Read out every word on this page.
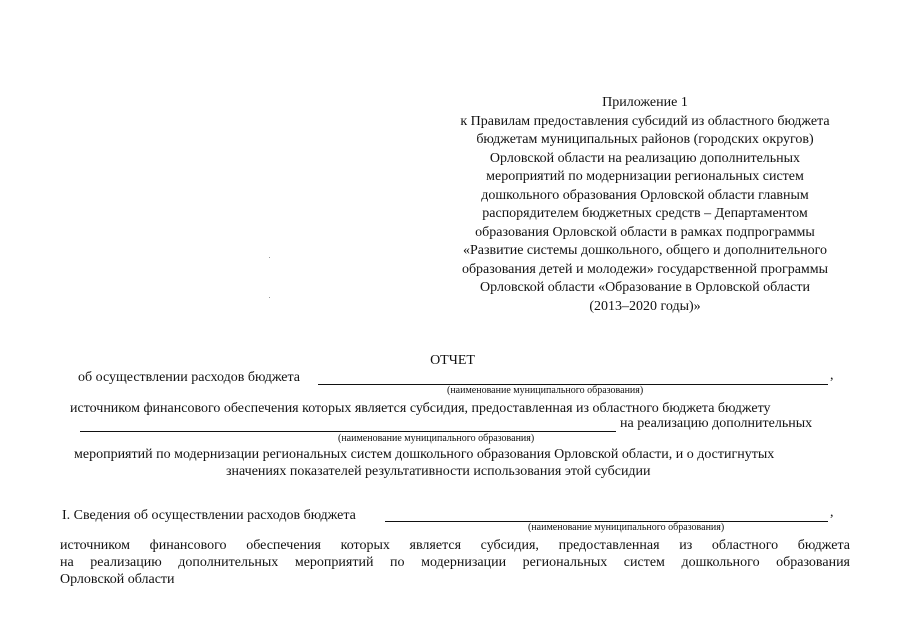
Приложение 1
к Правилам предоставления субсидий из областного бюджета
бюджетам муниципальных районов (городских округов)
Орловской области на реализацию дополнительных
мероприятий по модернизации региональных систем
дошкольного образования Орловской области главным
распорядителем бюджетных средств – Департаментом
образования Орловской области в рамках подпрограммы
«Развитие системы дошкольного, общего и дополнительного
образования детей и молодежи» государственной программы
Орловской области «Образование в Орловской области
(2013–2020 годы)»
ОТЧЕТ
об осуществлении расходов бюджета	,
(наименование муниципального образования)
источником финансового обеспечения которых является субсидия, предоставленная из областного бюджета бюджету
на реализацию дополнительных
(наименование муниципального образования)
мероприятий по модернизации региональных систем дошкольного образования Орловской области, и о достигнутых
значениях показателей результативности использования этой субсидии
I. Сведения об осуществлении расходов бюджета	,
(наименование муниципального образования)
источником финансового обеспечения которых является субсидия, предоставленная из областного бюджета
на реализацию дополнительных мероприятий по модернизации региональных систем дошкольного образования
Орловской области
